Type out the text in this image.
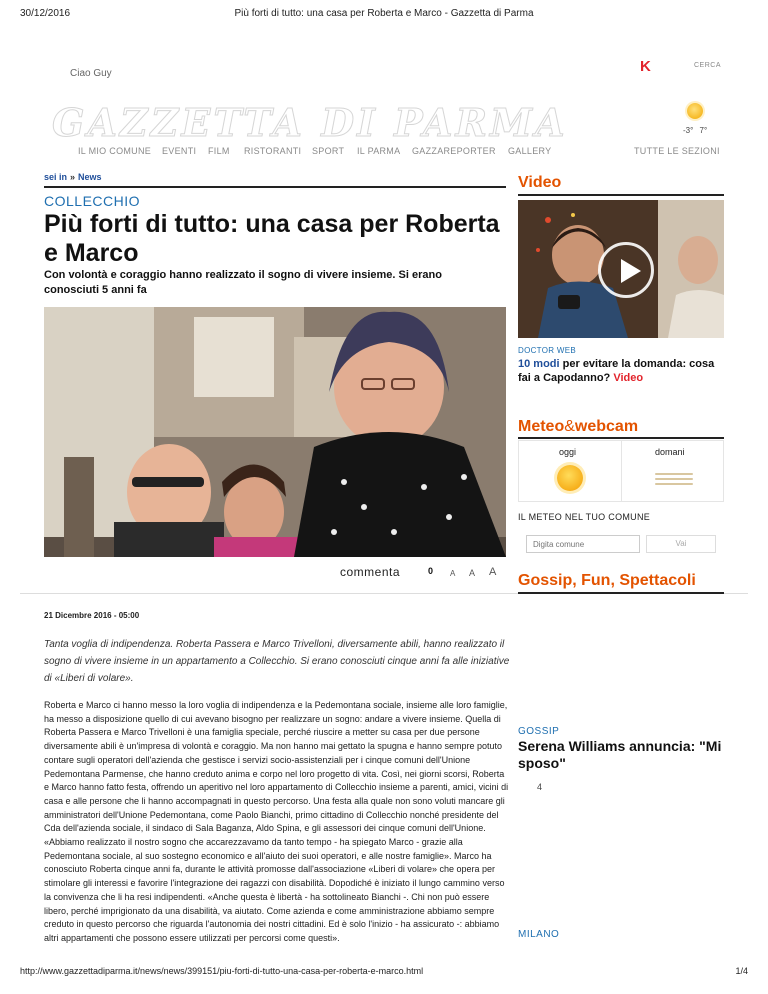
30/12/2016	Più forti di tutto: una casa per Roberta e Marco - Gazzetta di Parma
Ciao Guy	K	CERCA
GAZZETTA DI PARMA	-3° 7°
IL MIO COMUNE EVENTI FILM RISTORANTI SPORT IL PARMA GAZZAREPORTER GALLERY	TUTTE LE SEZIONI
sei in » News
COLLECCHIO
Più forti di tutto: una casa per Roberta e Marco
Con volontà e coraggio hanno realizzato il sogno di vivere insieme. Si erano conosciuti 5 anni fa
commenta	0 A A A
21 Dicembre 2016 - 05:00

Tanta voglia di indipendenza. Roberta Passera e Marco Trivelloni, diversamente abili, hanno realizzato il sogno di vivere insieme in un appartamento a Collecchio. Si erano conosciuti cinque anni fa alle iniziative di «Liberi di volare».

Roberta e Marco ci hanno messo la loro voglia di indipendenza e la Pedemontana sociale, insieme alle loro famiglie, ha messo a disposizione quello di cui avevano bisogno per realizzare un sogno: andare a vivere insieme. Quella di Roberta Passera e Marco Trivelloni è una famiglia speciale, perché riuscire a metter su casa per due persone diversamente abili è un'impresa di volontà e coraggio. Ma non hanno mai gettato la spugna e hanno sempre potuto contare sugli operatori dell'azienda che gestisce i servizi socio-assistenziali per i cinque comuni dell'Unione Pedemontana Parmense, che hanno creduto anima e corpo nel loro progetto di vita. Così, nei giorni scorsi, Roberta e Marco hanno fatto festa, offrendo un aperitivo nel loro appartamento di Collecchio insieme a parenti, amici, vicini di casa e alle persone che li hanno accompagnati in questo percorso. Una festa alla quale non sono voluti mancare gli amministratori dell'Unione Pedemontana, come Paolo Bianchi, primo cittadino di Collecchio nonché presidente del Cda dell'azienda sociale, il sindaco di Sala Baganza, Aldo Spina, e gli assessori dei cinque comuni dell'Unione. «Abbiamo realizzato il nostro sogno che accarezzavamo da tanto tempo - ha spiegato Marco - grazie alla Pedemontana sociale, al suo sostegno economico e all'aiuto dei suoi operatori, e alle nostre famiglie». Marco ha conosciuto Roberta cinque anni fa, durante le attività promosse dall'associazione «Liberi di volare» che opera per stimolare gli interessi e favorire l'integrazione dei ragazzi con disabilità. Dopodiché è iniziato il lungo cammino verso la convivenza che li ha resi indipendenti. «Anche questa è libertà - ha sottolineato Bianchi -. Chi non può essere libero, perché imprigionato da una disabilità, va aiutato. Come azienda e come amministrazione abbiamo sempre creduto in questo percorso che riguarda l'autonomia dei nostri cittadini. Ed è solo l'inizio - ha assicurato -: abbiamo altri appartamenti che possono essere utilizzati per percorsi come questi».

Video
DOCTOR WEB
10 modi per evitare la domanda: cosa fai a Capodanno? Video
Meteo&webcam
oggi	domani
IL METEO NEL TUO COMUNE
Digita comune
Vai
Gossip, Fun, Spettacoli
GOSSIP
Serena Williams annuncia: "Mi sposo"
4
MILANO
http://www.gazzettadiparma.it/news/news/399151/piu-forti-di-tutto-una-casa-per-roberta-e-marco.html	1/4
